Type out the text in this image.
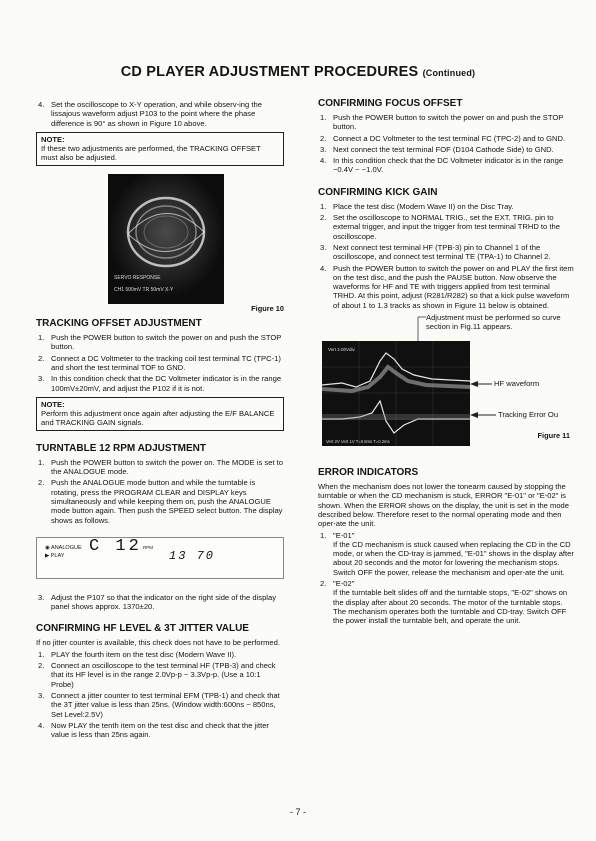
CD PLAYER ADJUSTMENT PROCEDURES (Continued)
4. Set the oscilloscope to X-Y operation, and while observ-ing the lissajous waveform adjust P103 to the point where the phase difference is 90° as shown in Figure 10 above.
NOTE:
If these two adjustments are performed, the TRACKING OFFSET must also be adjusted.
SERVO RESPONSE
CH1 500mV TR 50mV X-Y
Figure 10
TRACKING OFFSET ADJUSTMENT
1. Push the POWER button to switch the power on and push the STOP button.
2. Connect a DC Voltmeter to the tracking coil test terminal TC (TPC-1) and short the test terminal TOF to GND.
3. In this condition check that the DC Voltmeter indicator is in the range 100mV±20mV, and adjust the P102 if it is not.
NOTE:
Perform this adjustment once again after adjusting the E/F BALANCE and TRACKING GAIN signals.
TURNTABLE 12 RPM ADJUSTMENT
1. Push the POWER button to switch the power on. The MODE is set to the ANALOGUE mode.
2. Push the ANALOGUE mode button and while the turntable is rotating, press the PROGRAM CLEAR and DISPLAY keys simultaneously and while keeping them on, push the ANALOGUE mode button again. Then push the SPEED select button. The display shows as follows.
◉ ANALOGUE
▶ PLAY C 12 RPM
13 70
3. Adjust the P107 so that the indicator on the right side of the display panel shows approx. 1370±20.
CONFIRMING HF LEVEL & 3T JITTER VALUE

If no jitter counter is available, this check does not have to be performed.

1. PLAY the fourth item on the test disc (Modern Wave II).
2. Connect an oscilloscope to the test terminal HF (TPB-3) and check that its HF level is in the range 2.0Vp-p ~ 3.3Vp-p. (Use a 10:1 Probe)
3. Connect a jitter counter to test terminal EFM (TPB-1) and check that the 3T jitter value is less than 25ns. (Window width:600ns ~ 850ns, Set Level:2.5V)
4. Now PLAY the tenth item on the test disc and check that the jitter value is less than 25ns again.
CONFIRMING FOCUS OFFSET
1. Push the POWER button to switch the power on and push the STOP button.
2. Connect a DC Voltmeter to the test terminal FC (TPC-2) and to GND.
3. Next connect the test terminal FOF (D104 Cathode Side) to GND.
4. In this condition check that the DC Voltmeter indicator is in the range −0.4V ~ −1.0V.
CONFIRMING KICK GAIN
1. Place the test disc (Modern Wave II) on the Disc Tray.
2. Set the oscilloscope to NORMAL TRIG., set the EXT. TRIG. pin to external trigger, and input the trigger from test terminal TRHD to the oscilloscope.
3. Next connect test terminal HF (TPB-3) pin to Channel 1 of the oscilloscope, and connect test terminal TE (TPA-1) to Channel 2.
4. Push the POWER button to switch the power on and PLAY the first item on the test disc, and the push the PAUSE button. Now observe the waveforms for HF and TE with triggers applied from test terminal TRHD. At this point, adjust (R281/R282) so that a kick pulse waveform of about 1 to 1.3 tracks as shown in Figure 11 below is obtained.
Adjustment must be performed so curve section in Fig.11 appears.
Vert 2.00Vdiv
Vert 2V Vert 1V T=0.5ms T=0.2ms
HF waveform
Tracking Error Ou
Figure 11
ERROR INDICATORS

When the mechanism does not lower the tonearm caused by stopping the turntable or when the CD mechanism is stuck, ERROR "E-01" or "E-02" is shown. When the ERROR shows on the display, the unit is set in the mode described below. Therefore reset to the normal operating mode and then oper-ate the unit.

1. "E-01"
If the CD mechanism is stuck caused when replacing the CD in the CD mode, or when the CD-tray is jammed, "E-01" shows in the display after about 20 seconds and the motor for lowering the mechanism stops. Switch OFF the power, release the mechanism and oper-ate the unit.
2. "E-02"
If the turntable belt slides off and the turntable stops, "E-02" shows on the display after about 20 seconds. The motor of the turntable stops. The mechanism operates both the turntable and CD-tray. Switch OFF the power install the turntable belt, and operate the unit.
- 7 -
